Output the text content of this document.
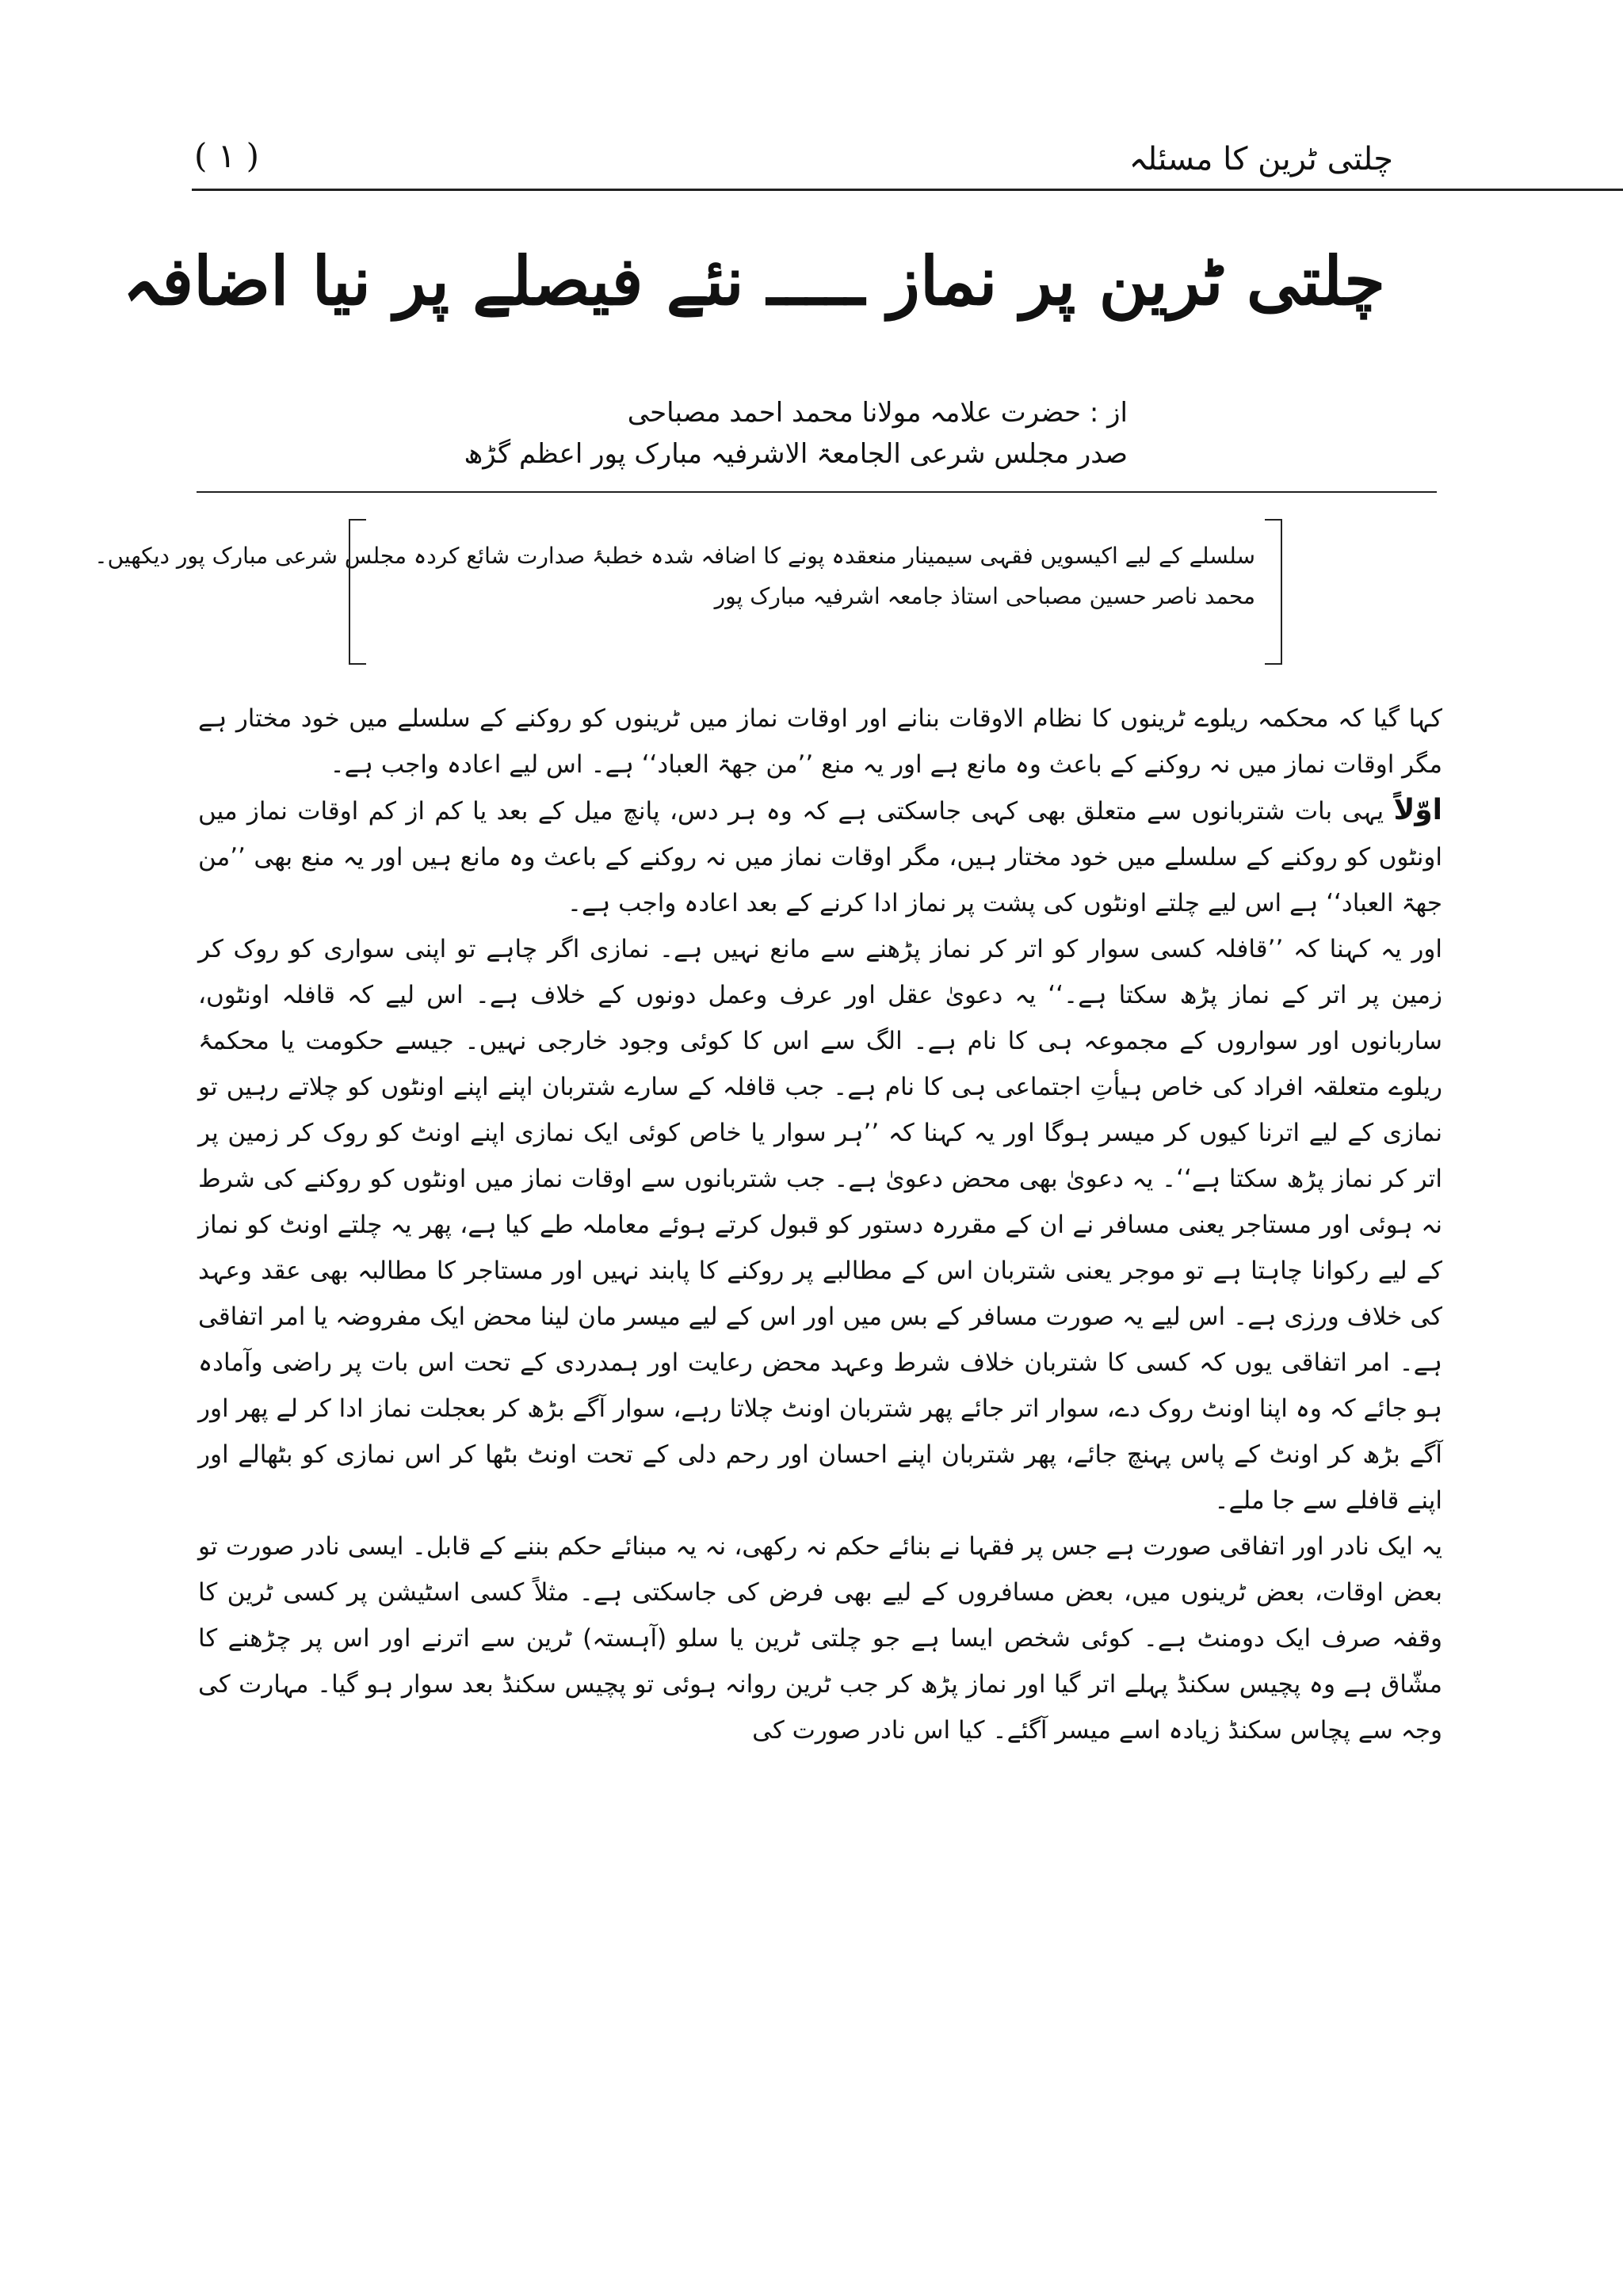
چلتی ٹرین کا مسئلہ
( ۱ )
چلتی ٹرین پر نماز ـــــ نئے فیصلے پر نیا اضافہ
از : حضرت علامہ مولانا محمد احمد مصباحی
صدر مجلس شرعی الجامعۃ الاشرفیہ مبارک پور اعظم گڑھ

سلسلے کے لیے اکیسویں فقہی سیمینار منعقدہ پونے کا اضافہ شدہ خطبۂ صدارت شائع کردہ مجلس شرعی مبارک پور دیکھیں۔

محمد ناصر حسین مصباحی استاذ جامعہ اشرفیہ مبارک پور

کہا گیا کہ محکمہ ریلوے ٹرینوں کا نظام الاوقات بنانے اور اوقات نماز میں ٹرینوں کو روکنے کے سلسلے میں خود مختار ہے مگر اوقات نماز میں نہ روکنے کے باعث وہ مانع ہے اور یہ منع ’’من جھۃ العباد‘‘ ہے۔ اس لیے اعادہ واجب ہے۔

اوّلاً یہی بات شتربانوں سے متعلق بھی کہی جاسکتی ہے کہ وہ ہر دس، پانچ میل کے بعد یا کم از کم اوقات نماز میں اونٹوں کو روکنے کے سلسلے میں خود مختار ہیں، مگر اوقات نماز میں نہ روکنے کے باعث وہ مانع ہیں اور یہ منع بھی ’’من جھۃ العباد‘‘ ہے اس لیے چلتے اونٹوں کی پشت پر نماز ادا کرنے کے بعد اعادہ واجب ہے۔

اور یہ کہنا کہ ’’قافلہ کسی سوار کو اتر کر نماز پڑھنے سے مانع نہیں ہے۔ نمازی اگر چاہے تو اپنی سواری کو روک کر زمین پر اتر کے نماز پڑھ سکتا ہے۔‘‘ یہ دعویٰ عقل اور عرف وعمل دونوں کے خلاف ہے۔ اس لیے کہ قافلہ اونٹوں، ساربانوں اور سواروں کے مجموعہ ہی کا نام ہے۔ الگ سے اس کا کوئی وجود خارجی نہیں۔ جیسے حکومت یا محکمۂ ریلوے متعلقہ افراد کی خاص ہیأتِ اجتماعی ہی کا نام ہے۔ جب قافلہ کے سارے شتربان اپنے اپنے اونٹوں کو چلاتے رہیں تو نمازی کے لیے اترنا کیوں کر میسر ہوگا اور یہ کہنا کہ ’’ہر سوار یا خاص کوئی ایک نمازی اپنے اونٹ کو روک کر زمین پر اتر کر نماز پڑھ سکتا ہے‘‘۔ یہ دعویٰ بھی محض دعویٰ ہے۔ جب شتربانوں سے اوقات نماز میں اونٹوں کو روکنے کی شرط نہ ہوئی اور مستاجر یعنی مسافر نے ان کے مقررہ دستور کو قبول کرتے ہوئے معاملہ طے کیا ہے، پھر یہ چلتے اونٹ کو نماز کے لیے رکوانا چاہتا ہے تو موجر یعنی شتربان اس کے مطالبے پر روکنے کا پابند نہیں اور مستاجر کا مطالبہ بھی عقد وعہد کی خلاف ورزی ہے۔ اس لیے یہ صورت مسافر کے بس میں اور اس کے لیے میسر مان لینا محض ایک مفروضہ یا امر اتفاقی ہے۔ امر اتفاقی یوں کہ کسی کا شتربان خلاف شرط وعہد محض رعایت اور ہمدردی کے تحت اس بات پر راضی وآمادہ ہو جائے کہ وہ اپنا اونٹ روک دے، سوار اتر جائے پھر شتربان اونٹ چلاتا رہے، سوار آگے بڑھ کر بعجلت نماز ادا کر لے پھر اور آگے بڑھ کر اونٹ کے پاس پہنچ جائے، پھر شتربان اپنے احسان اور رحم دلی کے تحت اونٹ بٹھا کر اس نمازی کو بٹھالے اور اپنے قافلے سے جا ملے۔

یہ ایک نادر اور اتفاقی صورت ہے جس پر فقہا نے بنائے حکم نہ رکھی، نہ یہ مبنائے حکم بننے کے قابل۔ ایسی نادر صورت تو بعض اوقات، بعض ٹرینوں میں، بعض مسافروں کے لیے بھی فرض کی جاسکتی ہے۔ مثلاً کسی اسٹیشن پر کسی ٹرین کا وقفہ صرف ایک دومنٹ ہے۔ کوئی شخص ایسا ہے جو چلتی ٹرین یا سلو (آہستہ) ٹرین سے اترنے اور اس پر چڑھنے کا مشّاق ہے وہ پچیس سکنڈ پہلے اتر گیا اور نماز پڑھ کر جب ٹرین روانہ ہوئی تو پچیس سکنڈ بعد سوار ہو گیا۔ مہارت کی وجہ سے پچاس سکنڈ زیادہ اسے میسر آگئے۔ کیا اس نادر صورت کی
